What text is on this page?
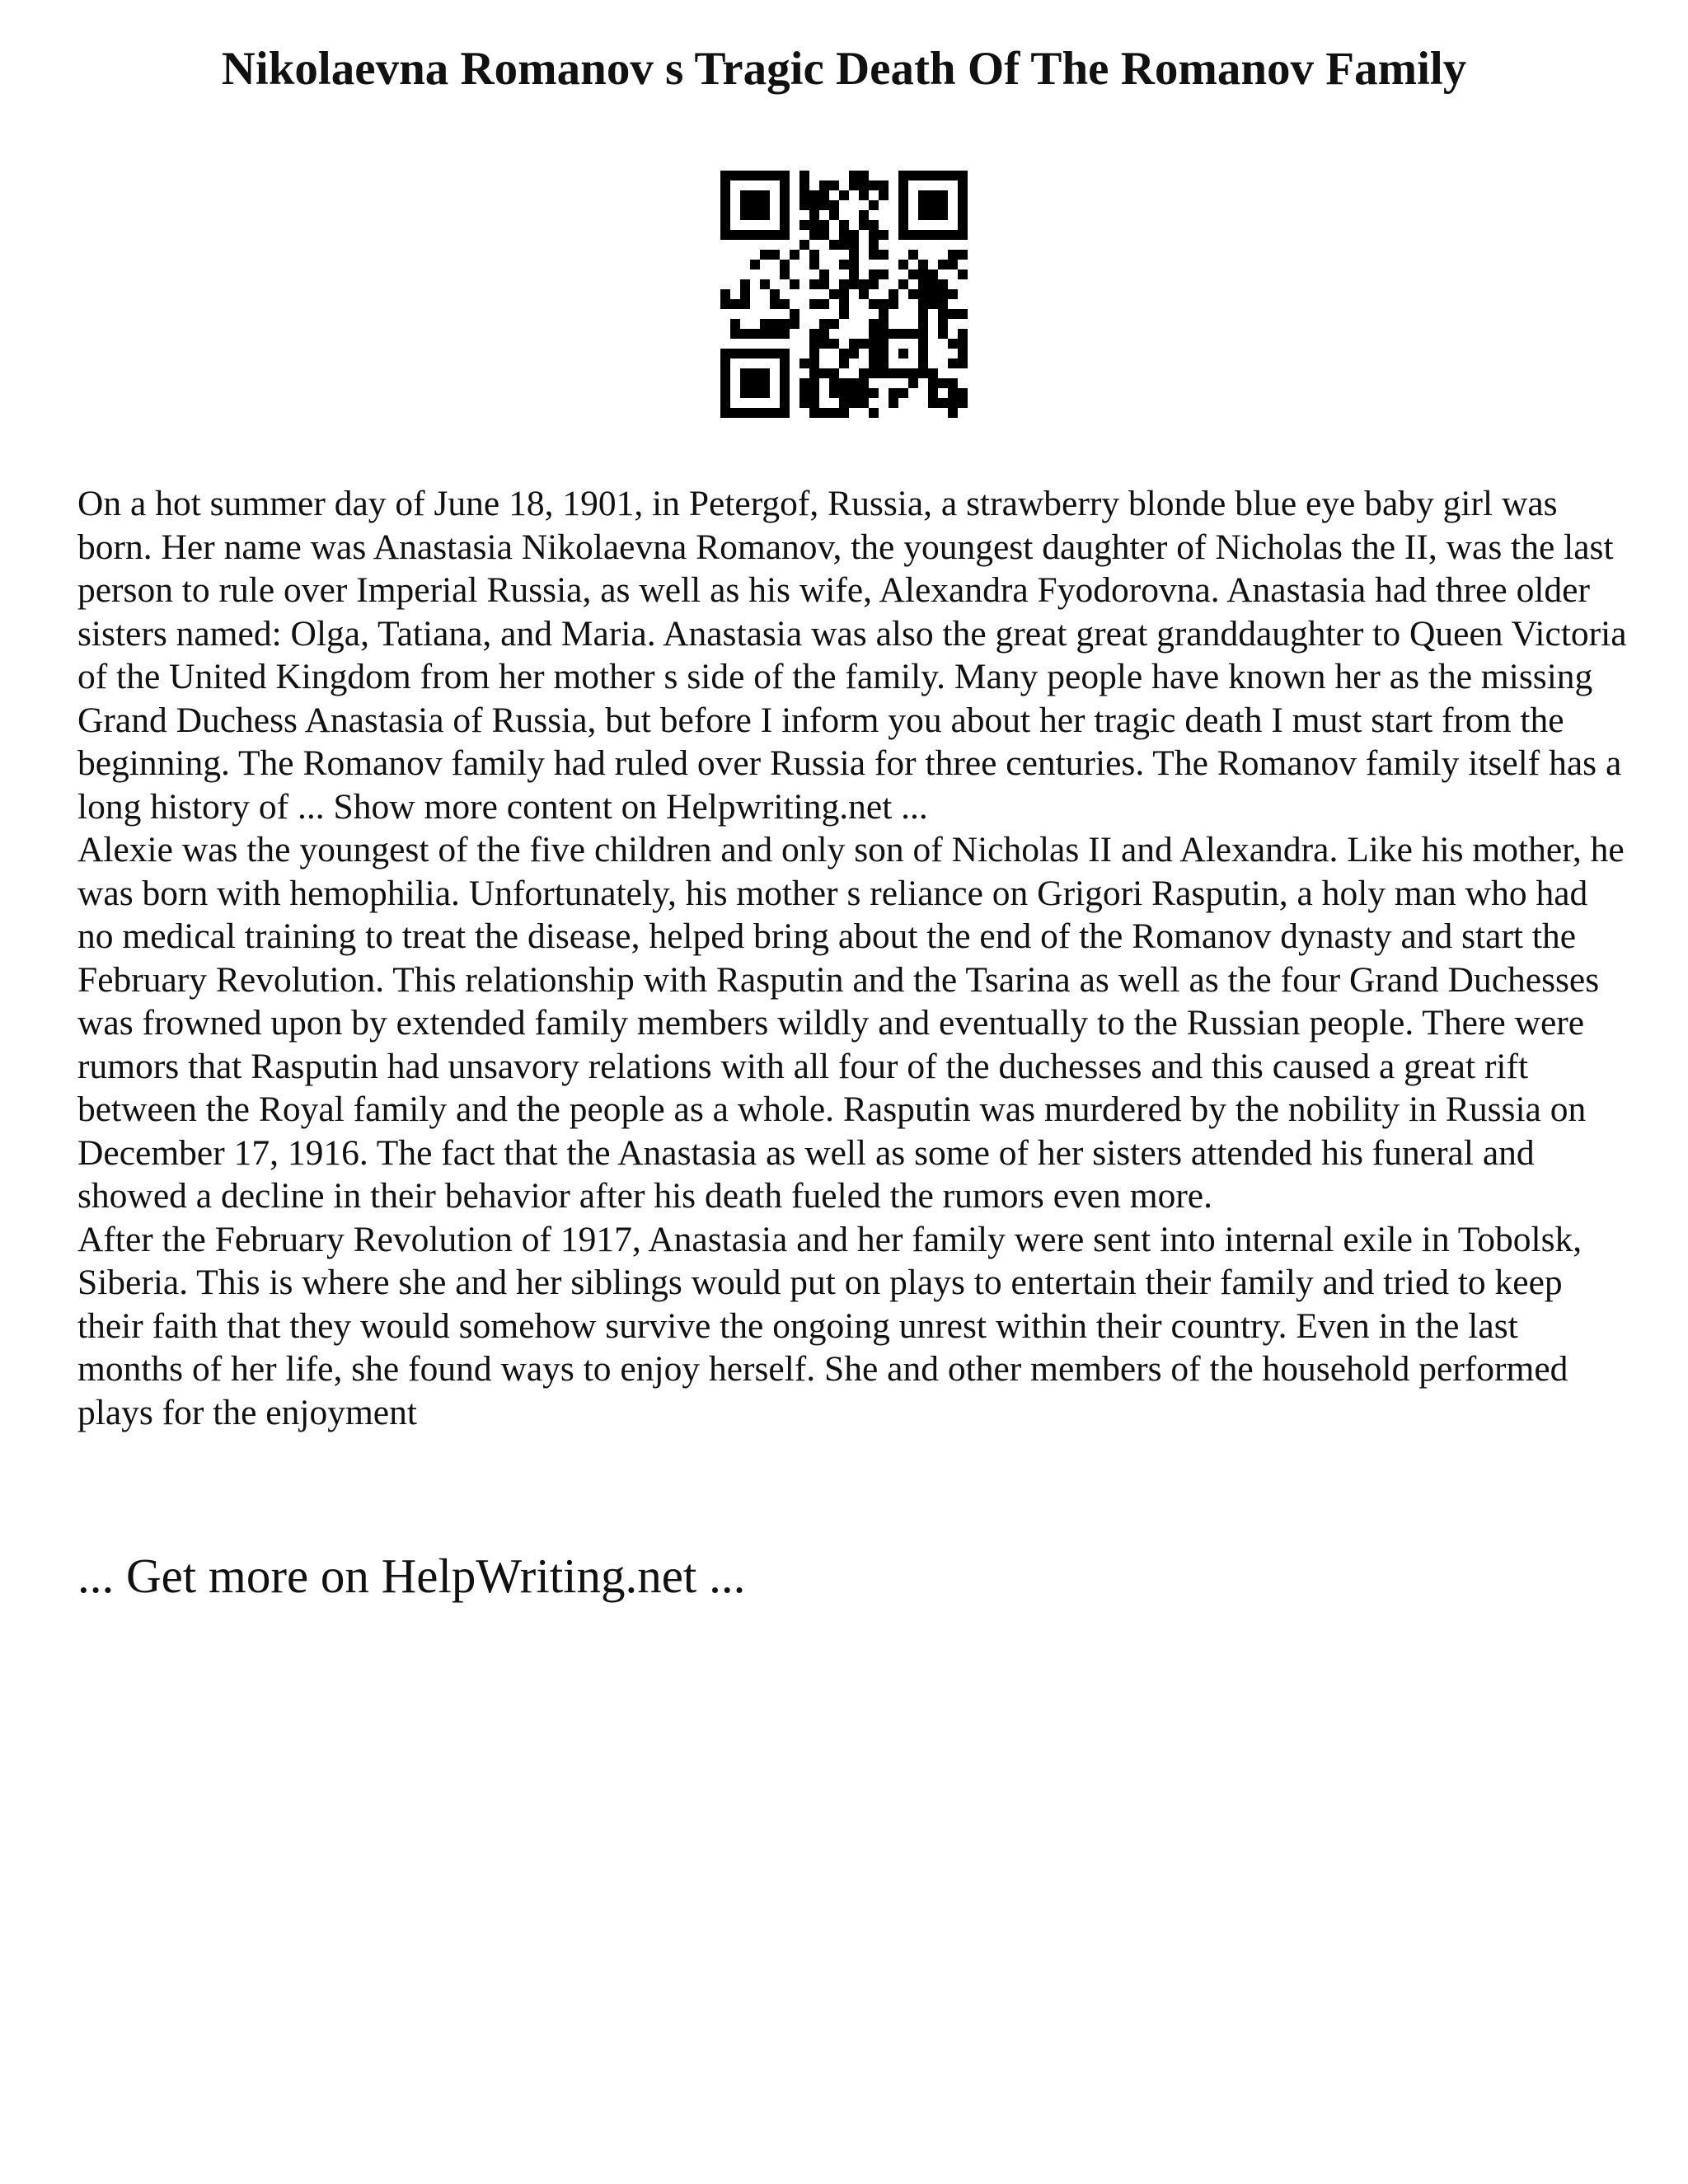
Nikolaevna Romanov s Tragic Death Of The Romanov Family

On a hot summer day of June 18, 1901, in Petergof, Russia, a strawberry blonde blue eye baby girl was born. Her name was Anastasia Nikolaevna Romanov, the youngest daughter of Nicholas the II, was the last person to rule over Imperial Russia, as well as his wife, Alexandra Fyodorovna. Anastasia had three older sisters named: Olga, Tatiana, and Maria. Anastasia was also the great great granddaughter to Queen Victoria of the United Kingdom from her mother s side of the family. Many people have known her as the missing Grand Duchess Anastasia of Russia, but before I inform you about her tragic death I must start from the beginning. The Romanov family had ruled over Russia for three centuries. The Romanov family itself has a long history of ... Show more content on Helpwriting.net ...

Alexie was the youngest of the five children and only son of Nicholas II and Alexandra. Like his mother, he was born with hemophilia. Unfortunately, his mother s reliance on Grigori Rasputin, a holy man who had no medical training to treat the disease, helped bring about the end of the Romanov dynasty and start the February Revolution. This relationship with Rasputin and the Tsarina as well as the four Grand Duchesses was frowned upon by extended family members wildly and eventually to the Russian people. There were rumors that Rasputin had unsavory relations with all four of the duchesses and this caused a great rift between the Royal family and the people as a whole. Rasputin was murdered by the nobility in Russia on December 17, 1916. The fact that the Anastasia as well as some of her sisters attended his funeral and showed a decline in their behavior after his death fueled the rumors even more.

After the February Revolution of 1917, Anastasia and her family were sent into internal exile in Tobolsk, Siberia. This is where she and her siblings would put on plays to entertain their family and tried to keep their faith that they would somehow survive the ongoing unrest within their country. Even in the last months of her life, she found ways to enjoy herself. She and other members of the household performed plays for the enjoyment

... Get more on HelpWriting.net ...
